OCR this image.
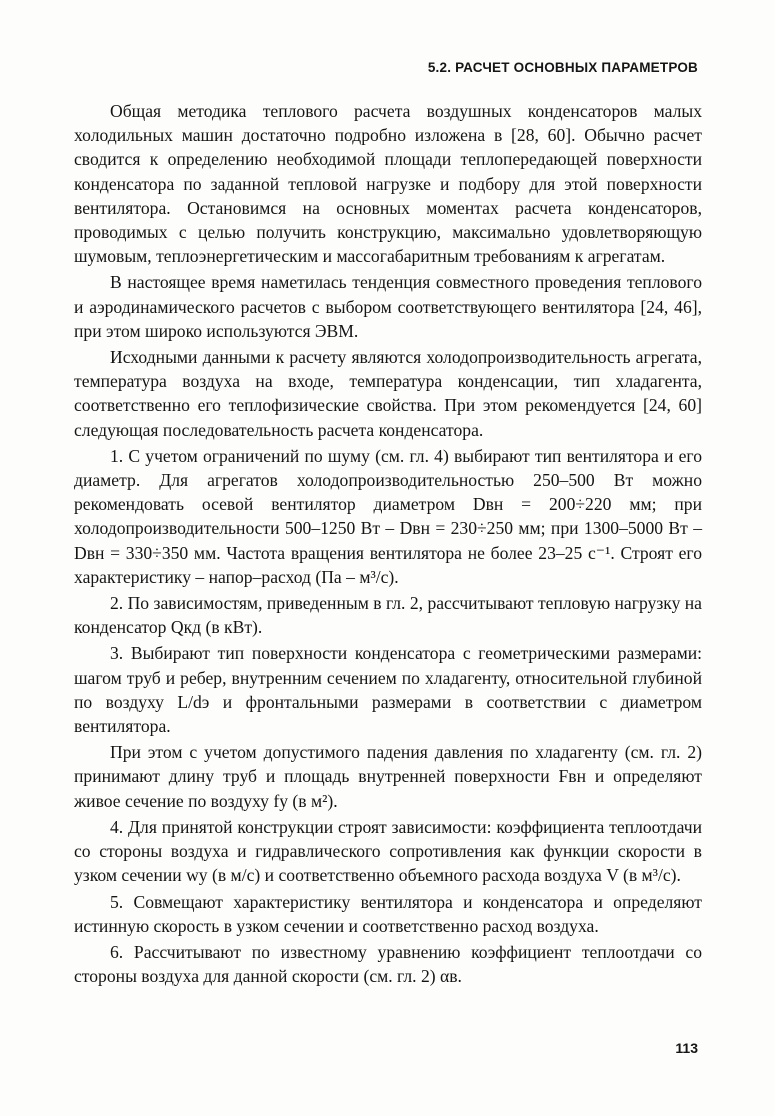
5.2. РАСЧЕТ ОСНОВНЫХ ПАРАМЕТРОВ

Общая методика теплового расчета воздушных конденсаторов малых холодильных машин достаточно подробно изложена в [28, 60]. Обычно расчет сводится к определению необходимой площади теплопередающей поверхности конденсатора по заданной тепловой нагрузке и подбору для этой поверхности вентилятора. Остановимся на основных моментах расчета конденсаторов, проводимых с целью получить конструкцию, максимально удовлетворяющую шумовым, теплоэнергетическим и массогабаритным требованиям к агрегатам.

В настоящее время наметилась тенденция совместного проведения теплового и аэродинамического расчетов с выбором соответствующего вентилятора [24, 46], при этом широко используются ЭВМ.

Исходными данными к расчету являются холодопроизводительность агрегата, температура воздуха на входе, температура конденсации, тип хладагента, соответственно его теплофизические свойства. При этом рекомендуется [24, 60] следующая последовательность расчета конденсатора.

1. С учетом ограничений по шуму (см. гл. 4) выбирают тип вентилятора и его диаметр. Для агрегатов холодопроизводительностью 250–500 Вт можно рекомендовать осевой вентилятор диаметром Dвн = 200÷220 мм; при холодопроизводительности 500–1250 Вт – Dвн = 230÷250 мм; при 1300–5000 Вт – Dвн = 330÷350 мм. Частота вращения вентилятора не более 23–25 с⁻¹. Строят его характеристику – напор–расход (Па – м³/с).

2. По зависимостям, приведенным в гл. 2, рассчитывают тепловую нагрузку на конденсатор Qкд (в кВт).

3. Выбирают тип поверхности конденсатора с геометрическими размерами: шагом труб и ребер, внутренним сечением по хладагенту, относительной глубиной по воздуху L/dэ и фронтальными размерами в соответствии с диаметром вентилятора.

При этом с учетом допустимого падения давления по хладагенту (см. гл. 2) принимают длину труб и площадь внутренней поверхности Fвн и определяют живое сечение по воздуху fу (в м²).

4. Для принятой конструкции строят зависимости: коэффициента теплоотдачи со стороны воздуха и гидравлического сопротивления как функции скорости в узком сечении wу (в м/с) и соответственно объемного расхода воздуха V (в м³/с).

5. Совмещают характеристику вентилятора и конденсатора и определяют истинную скорость в узком сечении и соответственно расход воздуха.

6. Рассчитывают по известному уравнению коэффициент теплоотдачи со стороны воздуха для данной скорости (см. гл. 2) αв.

113
